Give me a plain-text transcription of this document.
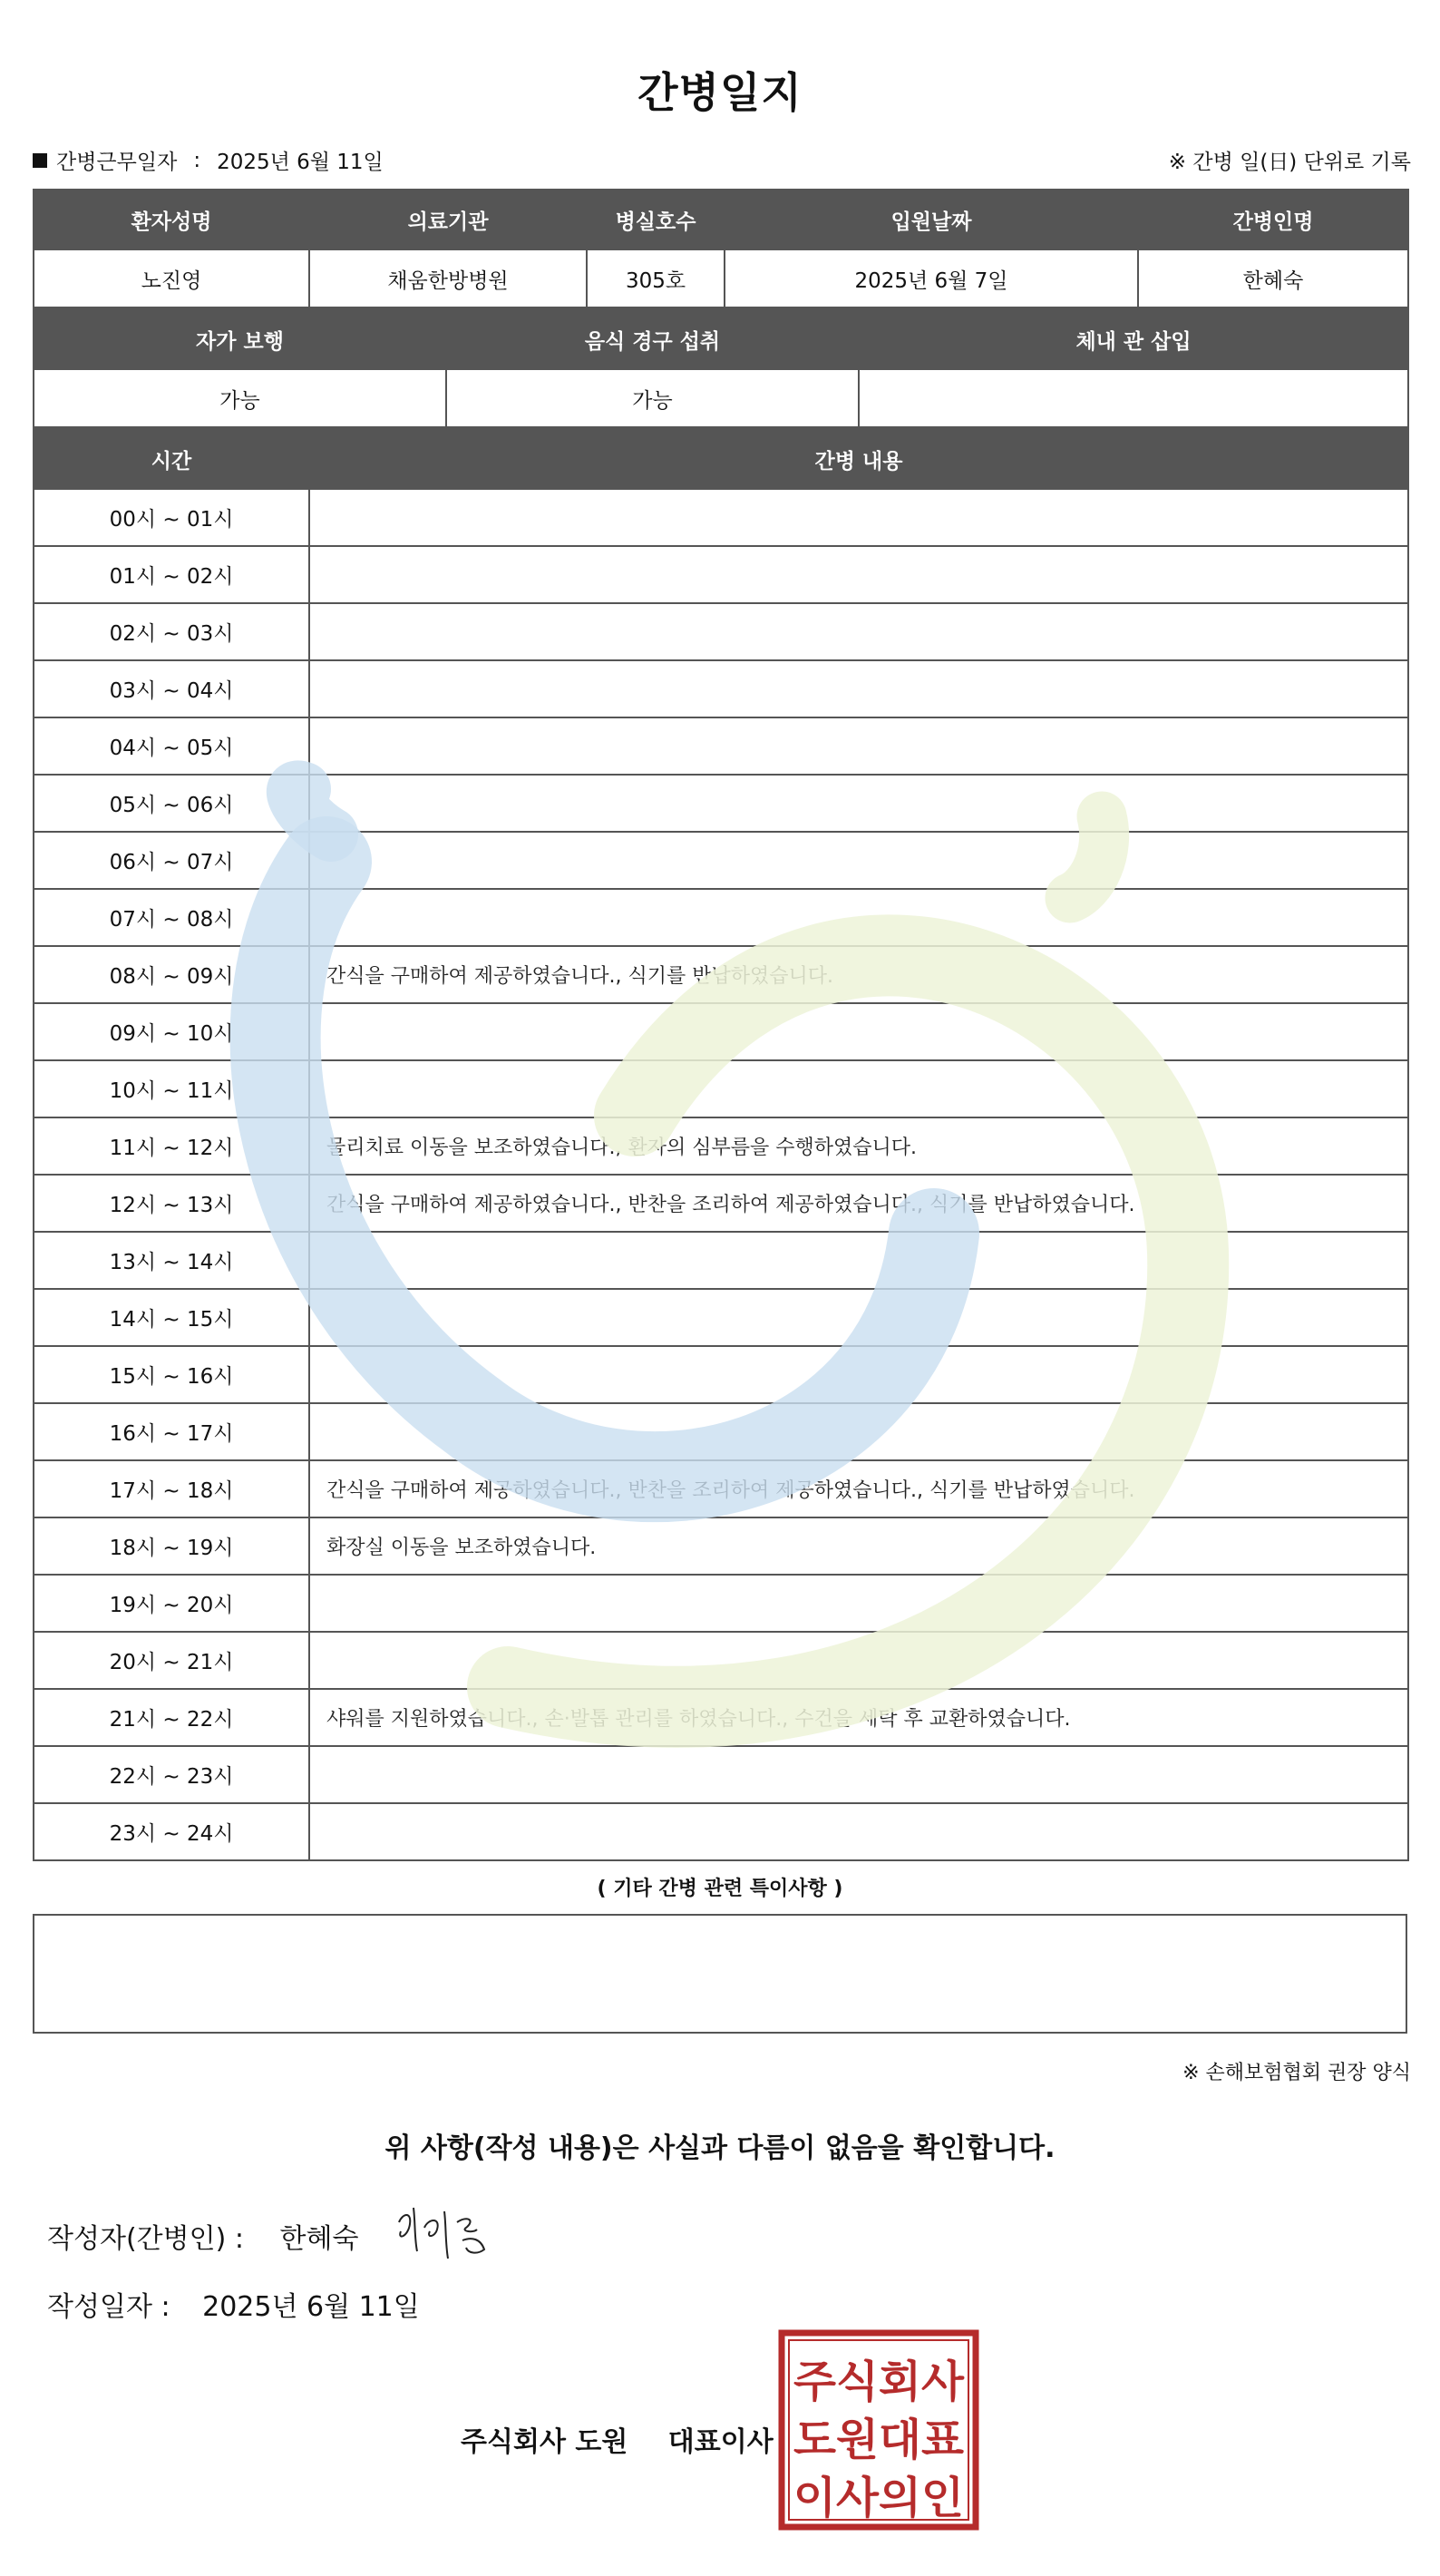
간병일지
간병근무일자 : 2025년 6월 11일	※ 간병 일(日) 단위로 기록
환자성명	의료기관	병실호수	입원날짜	간병인명
노진영	채움한방병원	305호	2025년 6월 7일	한혜숙
자가 보행	음식 경구 섭취	체내 관 삽입
가능	가능	
시간	간병 내용
00시 ~ 01시	
01시 ~ 02시	
02시 ~ 03시	
03시 ~ 04시	
04시 ~ 05시	
05시 ~ 06시	
06시 ~ 07시	
07시 ~ 08시	
08시 ~ 09시	간식을 구매하여 제공하였습니다., 식기를 반납하였습니다.
09시 ~ 10시	
10시 ~ 11시	
11시 ~ 12시	물리치료 이동을 보조하였습니다., 환자의 심부름을 수행하였습니다.
12시 ~ 13시	간식을 구매하여 제공하였습니다., 반찬을 조리하여 제공하였습니다., 식기를 반납하였습니다.
13시 ~ 14시	
14시 ~ 15시	
15시 ~ 16시	
16시 ~ 17시	
17시 ~ 18시	간식을 구매하여 제공하였습니다., 반찬을 조리하여 제공하였습니다., 식기를 반납하였습니다.
18시 ~ 19시	화장실 이동을 보조하였습니다.
19시 ~ 20시	
20시 ~ 21시	
21시 ~ 22시	샤워를 지원하였습니다., 손·발톱 관리를 하였습니다., 수건을 세탁 후 교환하였습니다.
22시 ~ 23시	
23시 ~ 24시	
( 기타 간병 관련 특이사항 )
※ 손해보험협회 권장 양식
위 사항(작성 내용)은 사실과 다름이 없음을 확인합니다.
작성자(간병인) : 한혜숙
작성일자 : 2025년 6월 11일
주식회사 도원 대표이사
주식회사
도원대표
이사의인
